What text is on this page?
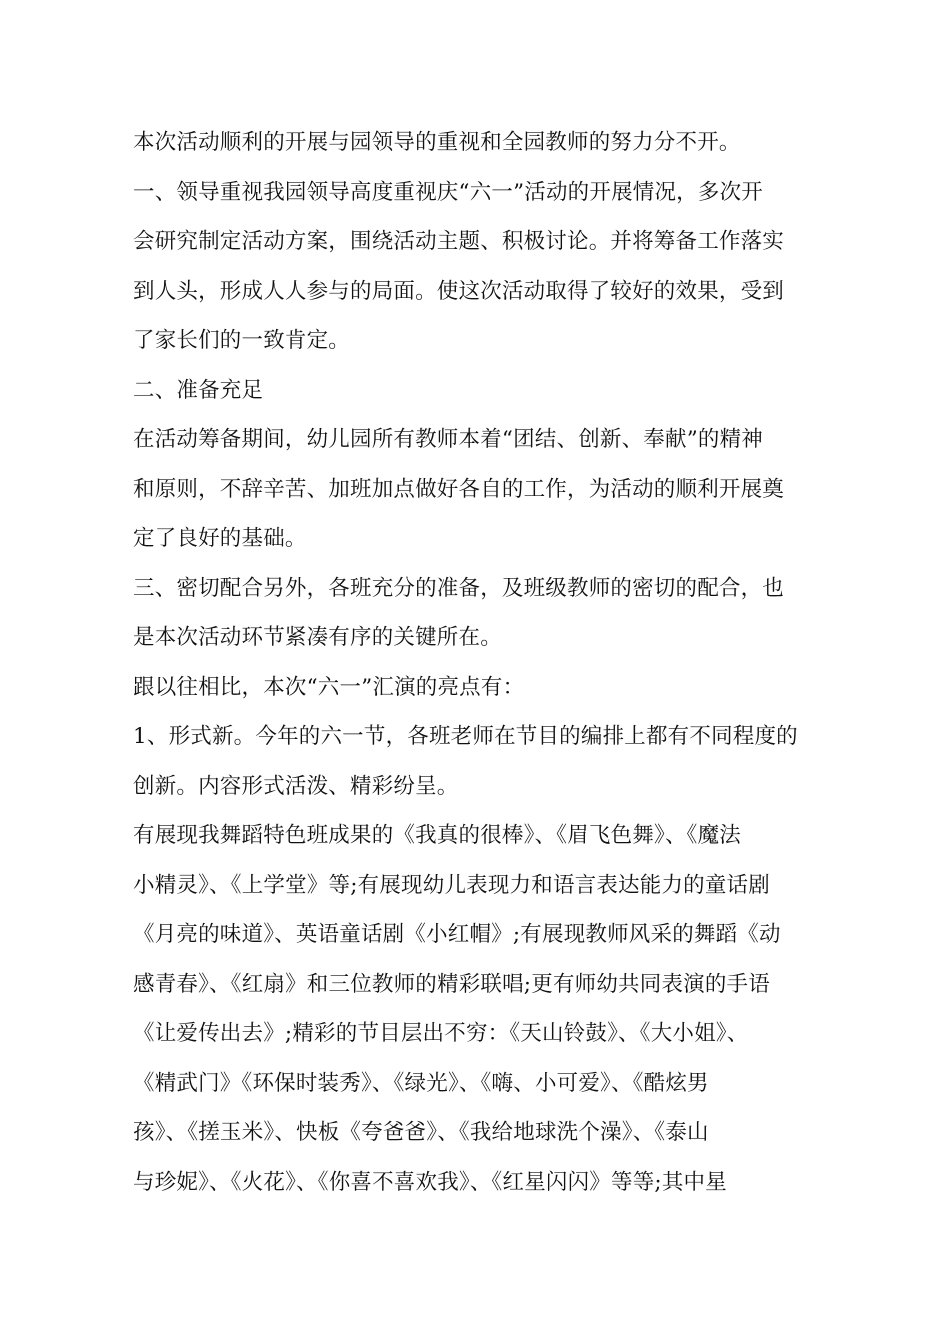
本次活动顺利的开展与园领导的重视和全园教师的努力分不开。
一、领导重视我园领导高度重视庆“六一”活动的开展情况，多次开
会研究制定活动方案，围绕活动主题、积极讨论。并将筹备工作落实
到人头，形成人人参与的局面。使这次活动取得了较好的效果，受到
了家长们的一致肯定。
二、准备充足
在活动筹备期间，幼儿园所有教师本着“团结、创新、奉献”的精神
和原则，不辞辛苦、加班加点做好各自的工作，为活动的顺利开展奠
定了良好的基础。
三、密切配合另外，各班充分的准备，及班级教师的密切的配合，也
是本次活动环节紧凑有序的关键所在。
跟以往相比，本次“六一”汇演的亮点有：
1、形式新。今年的六一节，各班老师在节目的编排上都有不同程度的
创新。内容形式活泼、精彩纷呈。
有展现我舞蹈特色班成果的《我真的很棒》、《眉飞色舞》、《魔法
小精灵》、《上学堂》等;有展现幼儿表现力和语言表达能力的童话剧
《月亮的味道》、英语童话剧《小红帽》;有展现教师风采的舞蹈《动
感青春》、《红扇》和三位教师的精彩联唱;更有师幼共同表演的手语
《让爱传出去》;精彩的节目层出不穷：《天山铃鼓》、《大小姐》、
《精武门》《环保时装秀》、《绿光》、《嗨、小可爱》、《酷炫男
孩》、《搓玉米》、快板《夸爸爸》、《我给地球洗个澡》、《泰山
与珍妮》、《火花》、《你喜不喜欢我》、《红星闪闪》等等;其中星
